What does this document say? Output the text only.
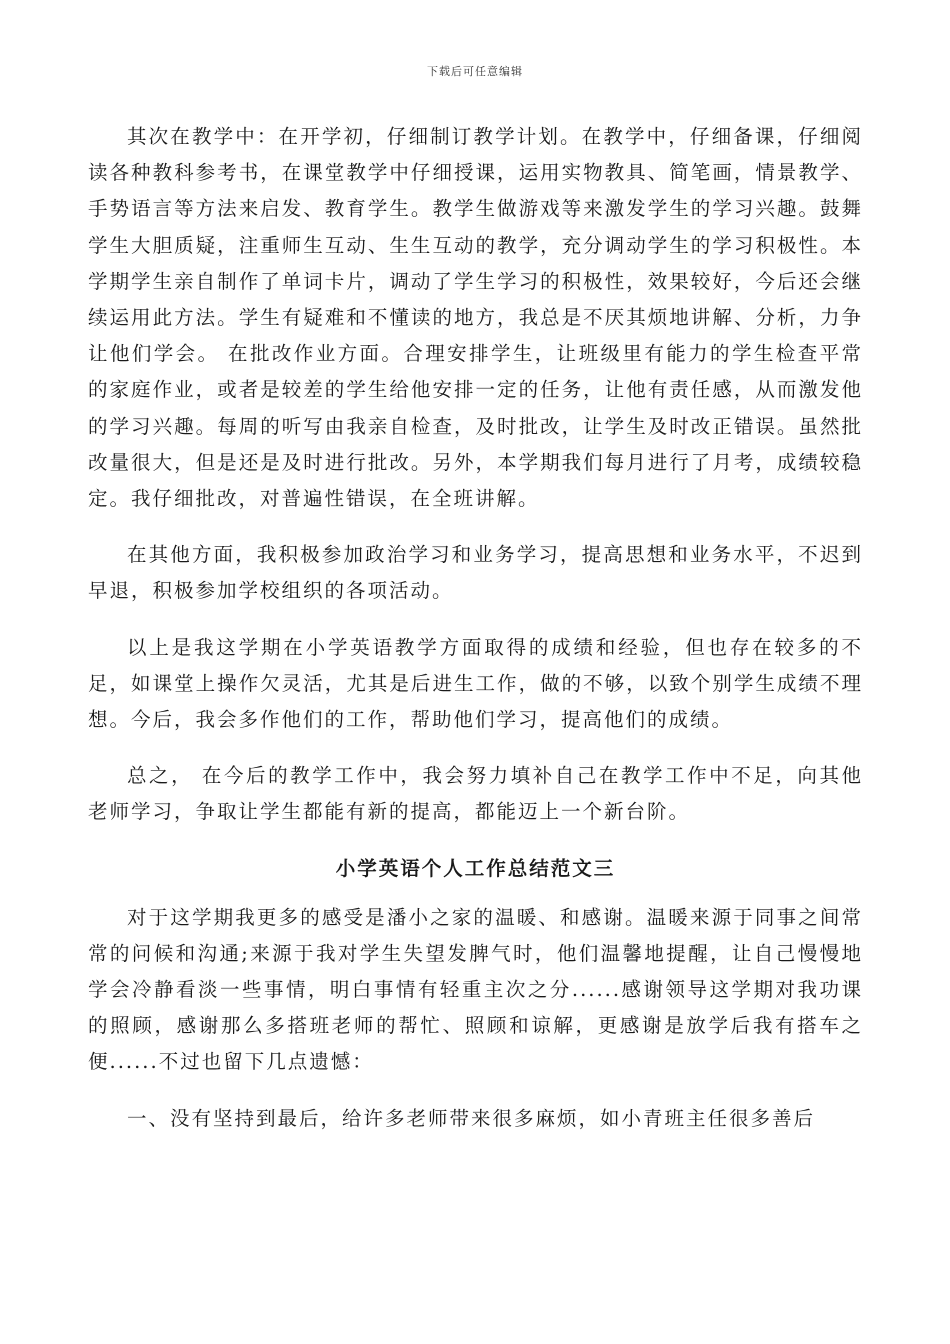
下载后可任意编辑

其次在教学中：在开学初，仔细制订教学计划。在教学中，仔细备课，仔细阅读各种教科参考书，在课堂教学中仔细授课，运用实物教具、简笔画，情景教学、手势语言等方法来启发、教育学生。教学生做游戏等来激发学生的学习兴趣。鼓舞学生大胆质疑，注重师生互动、生生互动的教学，充分调动学生的学习积极性。本学期学生亲自制作了单词卡片，调动了学生学习的积极性，效果较好，今后还会继续运用此方法。学生有疑难和不懂读的地方，我总是不厌其烦地讲解、分析，力争让他们学会。 在批改作业方面。合理安排学生，让班级里有能力的学生检查平常的家庭作业，或者是较差的学生给他安排一定的任务，让他有责任感，从而激发他的学习兴趣。每周的听写由我亲自检查，及时批改，让学生及时改正错误。虽然批改量很大，但是还是及时进行批改。另外，本学期我们每月进行了月考，成绩较稳定。我仔细批改，对普遍性错误，在全班讲解。

在其他方面，我积极参加政治学习和业务学习，提高思想和业务水平，不迟到早退，积极参加学校组织的各项活动。

以上是我这学期在小学英语教学方面取得的成绩和经验，但也存在较多的不足，如课堂上操作欠灵活，尤其是后进生工作，做的不够，以致个别学生成绩不理想。今后，我会多作他们的工作，帮助他们学习，提高他们的成绩。

总之， 在今后的教学工作中，我会努力填补自己在教学工作中不足，向其他老师学习，争取让学生都能有新的提高，都能迈上一个新台阶。

小学英语个人工作总结范文三

对于这学期我更多的感受是潘小之家的温暖、和感谢。温暖来源于同事之间常常的问候和沟通;来源于我对学生失望发脾气时，他们温馨地提醒，让自己慢慢地学会冷静看淡一些事情，明白事情有轻重主次之分......感谢领导这学期对我功课的照顾，感谢那么多搭班老师的帮忙、照顾和谅解，更感谢是放学后我有搭车之便......不过也留下几点遗憾：

一、没有坚持到最后，给许多老师带来很多麻烦，如小青班主任很多善后
